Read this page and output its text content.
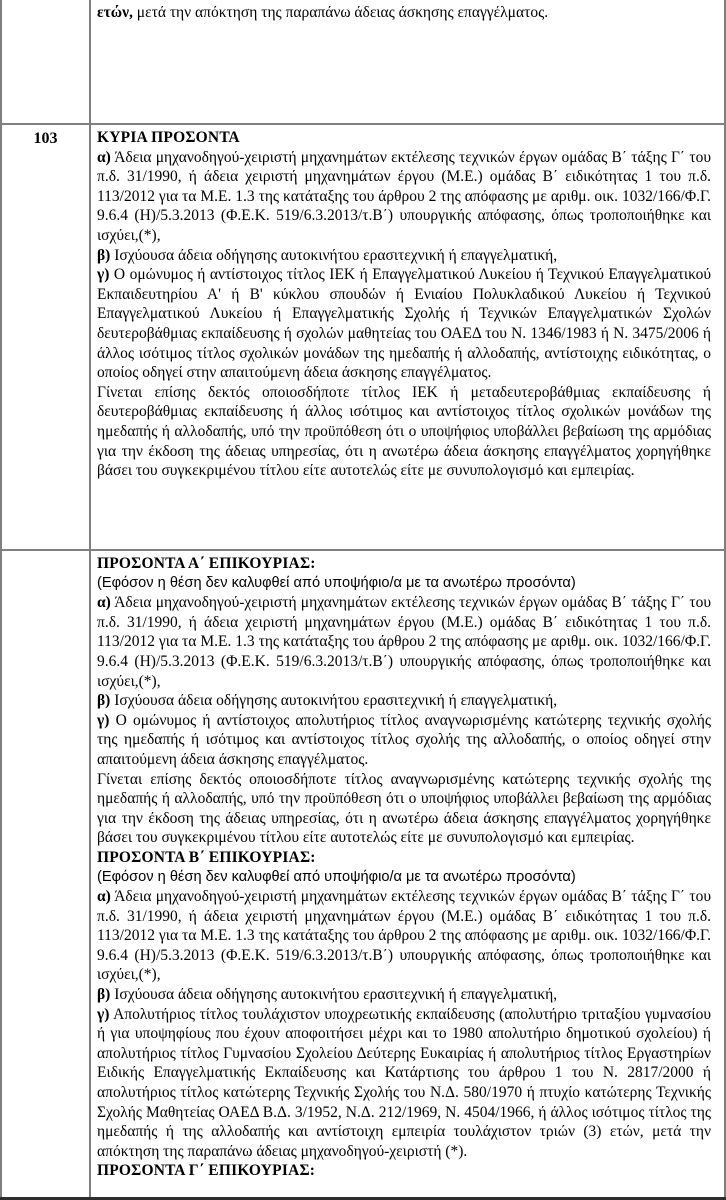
ετών, μετά την απόκτηση της παραπάνω άδειας άσκησης επαγγέλματος.

103	ΚΥΡΙΑ ΠΡΟΣΟΝΤΑ

α) Άδεια μηχανοδηγού-χειριστή μηχανημάτων εκτέλεσης τεχνικών έργων ομάδας Β΄ τάξης Γ΄ του π.δ. 31/1990, ή άδεια χειριστή μηχανημάτων έργου (Μ.Ε.) ομάδας Β΄ ειδικότητας 1 του π.δ. 113/2012 για τα Μ.Ε. 1.3 της κατάταξης του άρθρου 2 της απόφασης με αριθμ. οικ. 1032/166/Φ.Γ. 9.6.4 (Η)/5.3.2013 (Φ.Ε.Κ. 519/6.3.2013/τ.Β΄) υπουργικής απόφασης, όπως τροποποιήθηκε και ισχύει,(*),

β) Ισχύουσα άδεια οδήγησης αυτοκινήτου ερασιτεχνική ή επαγγελματική,

γ) Ο ομώνυμος ή αντίστοιχος τίτλος ΙΕΚ ή Επαγγελματικού Λυκείου ή Τεχνικού Επαγγελματικού Εκπαιδευτηρίου Α' ή Β' κύκλου σπουδών ή Ενιαίου Πολυκλαδικού Λυκείου ή Τεχνικού Επαγγελματικού Λυκείου ή Επαγγελματικής Σχολής ή Τεχνικών Επαγγελματικών Σχολών δευτεροβάθμιας εκπαίδευσης ή σχολών μαθητείας του ΟΑΕΔ του Ν. 1346/1983 ή Ν. 3475/2006 ή άλλος ισότιμος τίτλος σχολικών μονάδων της ημεδαπής ή αλλοδαπής, αντίστοιχης ειδικότητας, ο οποίος οδηγεί στην απαιτούμενη άδεια άσκησης επαγγέλματος.

Γίνεται επίσης δεκτός οποιοσδήποτε τίτλος ΙΕΚ ή μεταδευτεροβάθμιας εκπαίδευσης ή δευτεροβάθμιας εκπαίδευσης ή άλλος ισότιμος και αντίστοιχος τίτλος σχολικών μονάδων της ημεδαπής ή αλλοδαπής, υπό την προϋπόθεση ότι ο υποψήφιος υποβάλλει βεβαίωση της αρμόδιας για την έκδοση της άδειας υπηρεσίας, ότι η ανωτέρω άδεια άσκησης επαγγέλματος χορηγήθηκε βάσει του συγκεκριμένου τίτλου είτε αυτοτελώς είτε με συνυπολογισμό και εμπειρίας.

ΠΡΟΣΟΝΤΑ Α΄ ΕΠΙΚΟΥΡΙΑΣ:

(Εφόσον η θέση δεν καλυφθεί από υποψήφιο/α με τα ανωτέρω προσόντα)

α) Άδεια μηχανοδηγού-χειριστή μηχανημάτων εκτέλεσης τεχνικών έργων ομάδας Β΄ τάξης Γ΄ του π.δ. 31/1990, ή άδεια χειριστή μηχανημάτων έργου (Μ.Ε.) ομάδας Β΄ ειδικότητας 1 του π.δ. 113/2012 για τα Μ.Ε. 1.3 της κατάταξης του άρθρου 2 της απόφασης με αριθμ. οικ. 1032/166/Φ.Γ. 9.6.4 (Η)/5.3.2013 (Φ.Ε.Κ. 519/6.3.2013/τ.Β΄) υπουργικής απόφασης, όπως τροποποιήθηκε και ισχύει,(*),

β) Ισχύουσα άδεια οδήγησης αυτοκινήτου ερασιτεχνική ή επαγγελματική,

γ) Ο ομώνυμος ή αντίστοιχος απολυτήριος τίτλος αναγνωρισμένης κατώτερης τεχνικής σχολής της ημεδαπής ή ισότιμος και αντίστοιχος τίτλος σχολής της αλλοδαπής, ο οποίος οδηγεί στην απαιτούμενη άδεια άσκησης επαγγέλματος.

Γίνεται επίσης δεκτός οποιοσδήποτε τίτλος αναγνωρισμένης κατώτερης τεχνικής σχολής της ημεδαπής ή αλλοδαπής, υπό την προϋπόθεση ότι ο υποψήφιος υποβάλλει βεβαίωση της αρμόδιας για την έκδοση της άδειας υπηρεσίας, ότι η ανωτέρω άδεια άσκησης επαγγέλματος χορηγήθηκε βάσει του συγκεκριμένου τίτλου είτε αυτοτελώς είτε με συνυπολογισμό και εμπειρίας.

ΠΡΟΣΟΝΤΑ Β΄ ΕΠΙΚΟΥΡΙΑΣ:

(Εφόσον η θέση δεν καλυφθεί από υποψήφιο/α με τα ανωτέρω προσόντα)

α) Άδεια μηχανοδηγού-χειριστή μηχανημάτων εκτέλεσης τεχνικών έργων ομάδας Β΄ τάξης Γ΄ του π.δ. 31/1990, ή άδεια χειριστή μηχανημάτων έργου (Μ.Ε.) ομάδας Β΄ ειδικότητας 1 του π.δ. 113/2012 για τα Μ.Ε. 1.3 της κατάταξης του άρθρου 2 της απόφασης με αριθμ. οικ. 1032/166/Φ.Γ. 9.6.4 (Η)/5.3.2013 (Φ.Ε.Κ. 519/6.3.2013/τ.Β΄) υπουργικής απόφασης, όπως τροποποιήθηκε και ισχύει,(*),

β) Ισχύουσα άδεια οδήγησης αυτοκινήτου ερασιτεχνική ή επαγγελματική,

γ) Απολυτήριος τίτλος τουλάχιστον υποχρεωτικής εκπαίδευσης (απολυτήριο τριταξίου γυμνασίου ή για υποψηφίους που έχουν αποφοιτήσει μέχρι και το 1980 απολυτήριο δημοτικού σχολείου) ή απολυτήριος τίτλος Γυμνασίου Σχολείου Δεύτερης Ευκαιρίας ή απολυτήριος τίτλος Εργαστηρίων Ειδικής Επαγγελματικής Εκπαίδευσης και Κατάρτισης του άρθρου 1 του Ν. 2817/2000 ή απολυτήριος τίτλος κατώτερης Τεχνικής Σχολής του Ν.Δ. 580/1970 ή πτυχίο κατώτερης Τεχνικής Σχολής Μαθητείας ΟΑΕΔ Β.Δ. 3/1952, Ν.Δ. 212/1969, Ν. 4504/1966, ή άλλος ισότιμος τίτλος της ημεδαπής ή της αλλοδαπής και αντίστοιχη εμπειρία τουλάχιστον τριών (3) ετών, μετά την απόκτηση της παραπάνω άδειας μηχανοδηγού-χειριστή (*).

ΠΡΟΣΟΝΤΑ Γ΄ ΕΠΙΚΟΥΡΙΑΣ:
